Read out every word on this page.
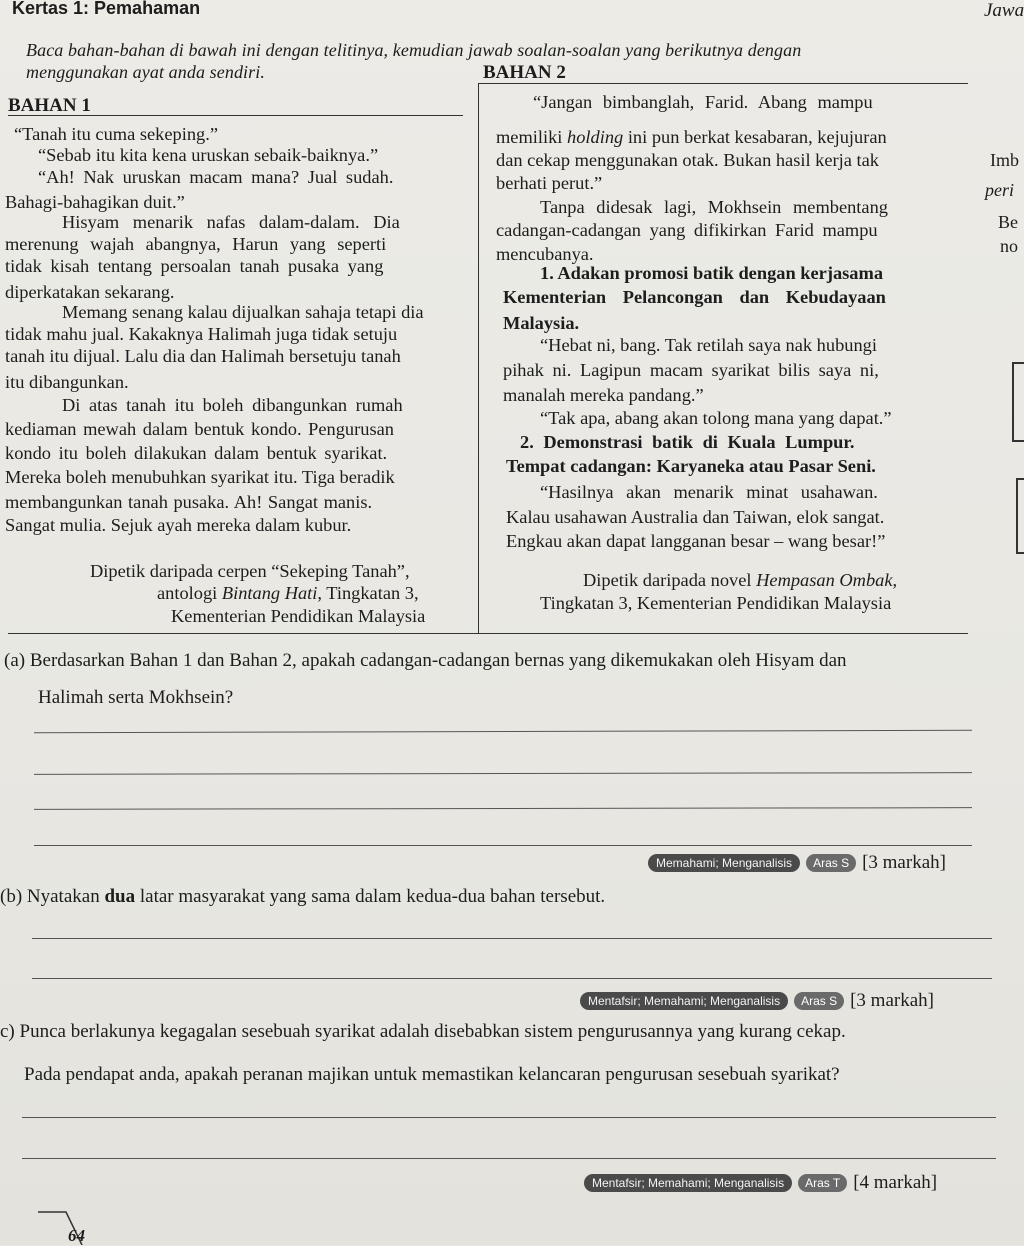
Kertas 1: Pemahaman	Jawa
Baca bahan-bahan di bawah ini dengan telitinya, kemudian jawab soalan-soalan yang berikutnya dengan
menggunakan ayat anda sendiri.	BAHAN 2
BAHAN 1
“Tanah itu cuma sekeping.”
“Sebab itu kita kena uruskan sebaik-baiknya.”
“Ah! Nak uruskan macam mana? Jual sudah.
Bahagi-bahagikan duit.”
Hisyam menarik nafas dalam-dalam. Dia
merenung wajah abangnya, Harun yang seperti
tidak kisah tentang persoalan tanah pusaka yang
diperkatakan sekarang.
Memang senang kalau dijualkan sahaja tetapi dia
tidak mahu jual. Kakaknya Halimah juga tidak setuju
tanah itu dijual. Lalu dia dan Halimah bersetuju tanah
itu dibangunkan.
Di atas tanah itu boleh dibangunkan rumah
kediaman mewah dalam bentuk kondo. Pengurusan
kondo itu boleh dilakukan dalam bentuk syarikat.
Mereka boleh menubuhkan syarikat itu. Tiga beradik
membangunkan tanah pusaka. Ah! Sangat manis.
Sangat mulia. Sejuk ayah mereka dalam kubur.
Dipetik daripada cerpen “Sekeping Tanah”,
antologi Bintang Hati, Tingkatan 3,
Kementerian Pendidikan Malaysia
“Jangan bimbanglah, Farid. Abang mampu
memiliki holding ini pun berkat kesabaran, kejujuran
dan cekap menggunakan otak. Bukan hasil kerja tak
berhati perut.”
Tanpa didesak lagi, Mokhsein membentang
cadangan-cadangan yang difikirkan Farid mampu
mencubanya.
1. Adakan promosi batik dengan kerjasama
Kementerian Pelancongan dan Kebudayaan
Malaysia.
“Hebat ni, bang. Tak retilah saya nak hubungi
pihak ni. Lagipun macam syarikat bilis saya ni,
manalah mereka pandang.”
“Tak apa, abang akan tolong mana yang dapat.”
2. Demonstrasi batik di Kuala Lumpur.
Tempat cadangan: Karyaneka atau Pasar Seni.
“Hasilnya akan menarik minat usahawan.
Kalau usahawan Australia dan Taiwan, elok sangat.
Engkau akan dapat langganan besar – wang besar!”
Dipetik daripada novel Hempasan Ombak,
Tingkatan 3, Kementerian Pendidikan Malaysia
Imb
peri
Be
no
(a) Berdasarkan Bahan 1 dan Bahan 2, apakah cadangan-cadangan bernas yang dikemukakan oleh Hisyam dan
Halimah serta Mokhsein?
Memahami; Menganalisis	Aras S [3 markah]
(b) Nyatakan dua latar masyarakat yang sama dalam kedua-dua bahan tersebut.
Mentafsir; Memahami; Menganalisis	Aras S [3 markah]
c) Punca berlakunya kegagalan sesebuah syarikat adalah disebabkan sistem pengurusannya yang kurang cekap.
Pada pendapat anda, apakah peranan majikan untuk memastikan kelancaran pengurusan sesebuah syarikat?
Mentafsir; Memahami; Menganalisis	Aras T [4 markah]
64
